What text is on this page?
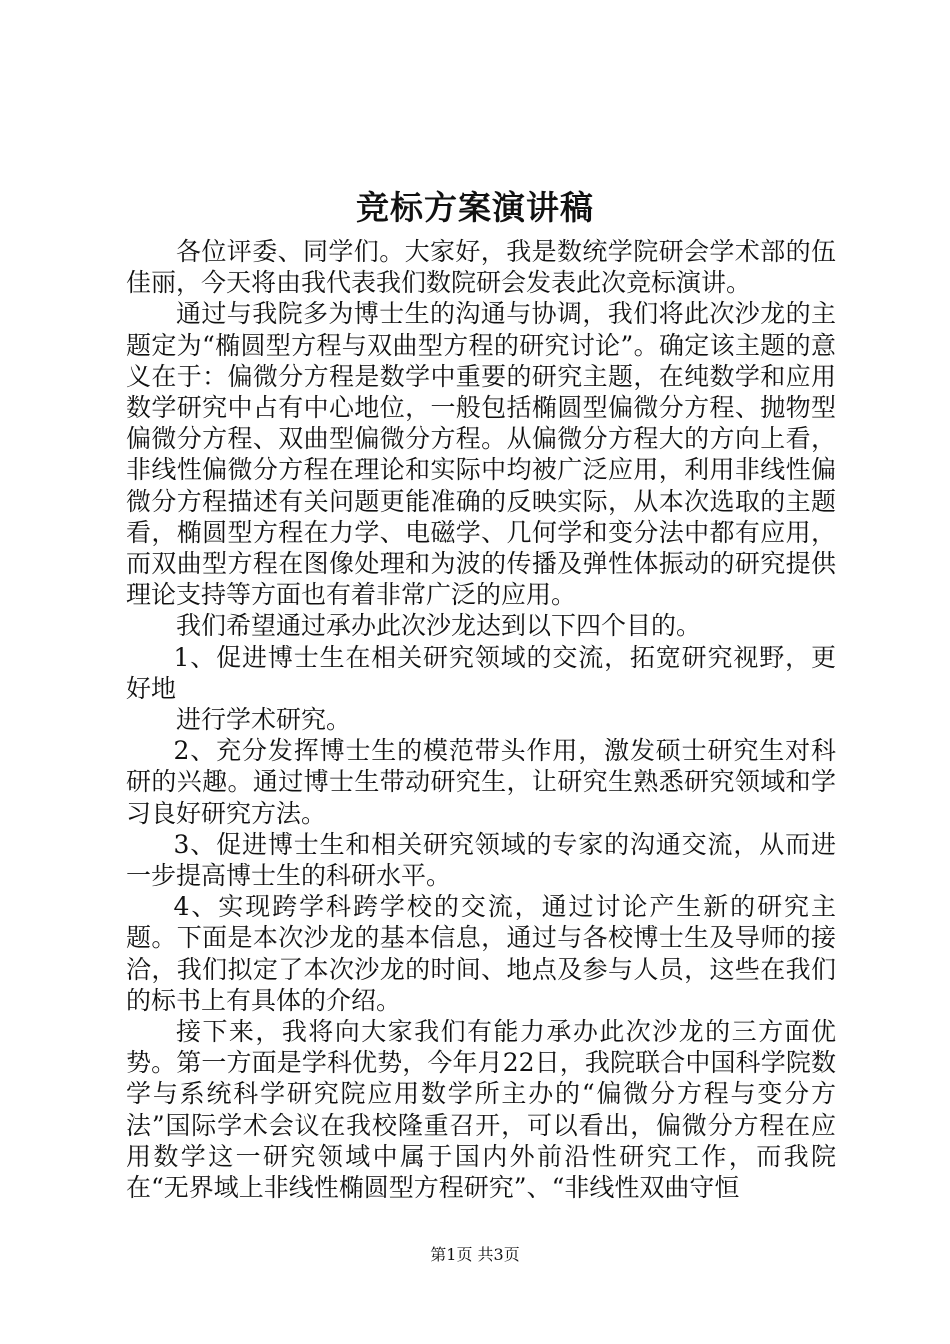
竞标方案演讲稿

各位评委、同学们。大家好，我是数统学院研会学术部的伍佳丽，今天将由我代表我们数院研会发表此次竞标演讲。

通过与我院多为博士生的沟通与协调，我们将此次沙龙的主题定为“椭圆型方程与双曲型方程的研究讨论”。确定该主题的意义在于：偏微分方程是数学中重要的研究主题，在纯数学和应用数学研究中占有中心地位，一般包括椭圆型偏微分方程、抛物型偏微分方程、双曲型偏微分方程。从偏微分方程大的方向上看，非线性偏微分方程在理论和实际中均被广泛应用，利用非线性偏微分方程描述有关问题更能准确的反映实际，从本次选取的主题看，椭圆型方程在力学、电磁学、几何学和变分法中都有应用，而双曲型方程在图像处理和为波的传播及弹性体振动的研究提供理论支持等方面也有着非常广泛的应用。

我们希望通过承办此次沙龙达到以下四个目的。

1、促进博士生在相关研究领域的交流，拓宽研究视野，更好地

进行学术研究。

2、充分发挥博士生的模范带头作用，激发硕士研究生对科研的兴趣。通过博士生带动研究生，让研究生熟悉研究领域和学习良好研究方法。

3、促进博士生和相关研究领域的专家的沟通交流，从而进一步提高博士生的科研水平。

4、实现跨学科跨学校的交流，通过讨论产生新的研究主题。下面是本次沙龙的基本信息，通过与各校博士生及导师的接洽，我们拟定了本次沙龙的时间、地点及参与人员，这些在我们的标书上有具体的介绍。

接下来，我将向大家我们有能力承办此次沙龙的三方面优势。第一方面是学科优势，今年月22日，我院联合中国科学院数学与系统科学研究院应用数学所主办的“偏微分方程与变分方法”国际学术会议在我校隆重召开，可以看出，偏微分方程在应用数学这一研究领域中属于国内外前沿性研究工作，而我院在“无界域上非线性椭圆型方程研究”、“非线性双曲守恒

第1页 共3页
